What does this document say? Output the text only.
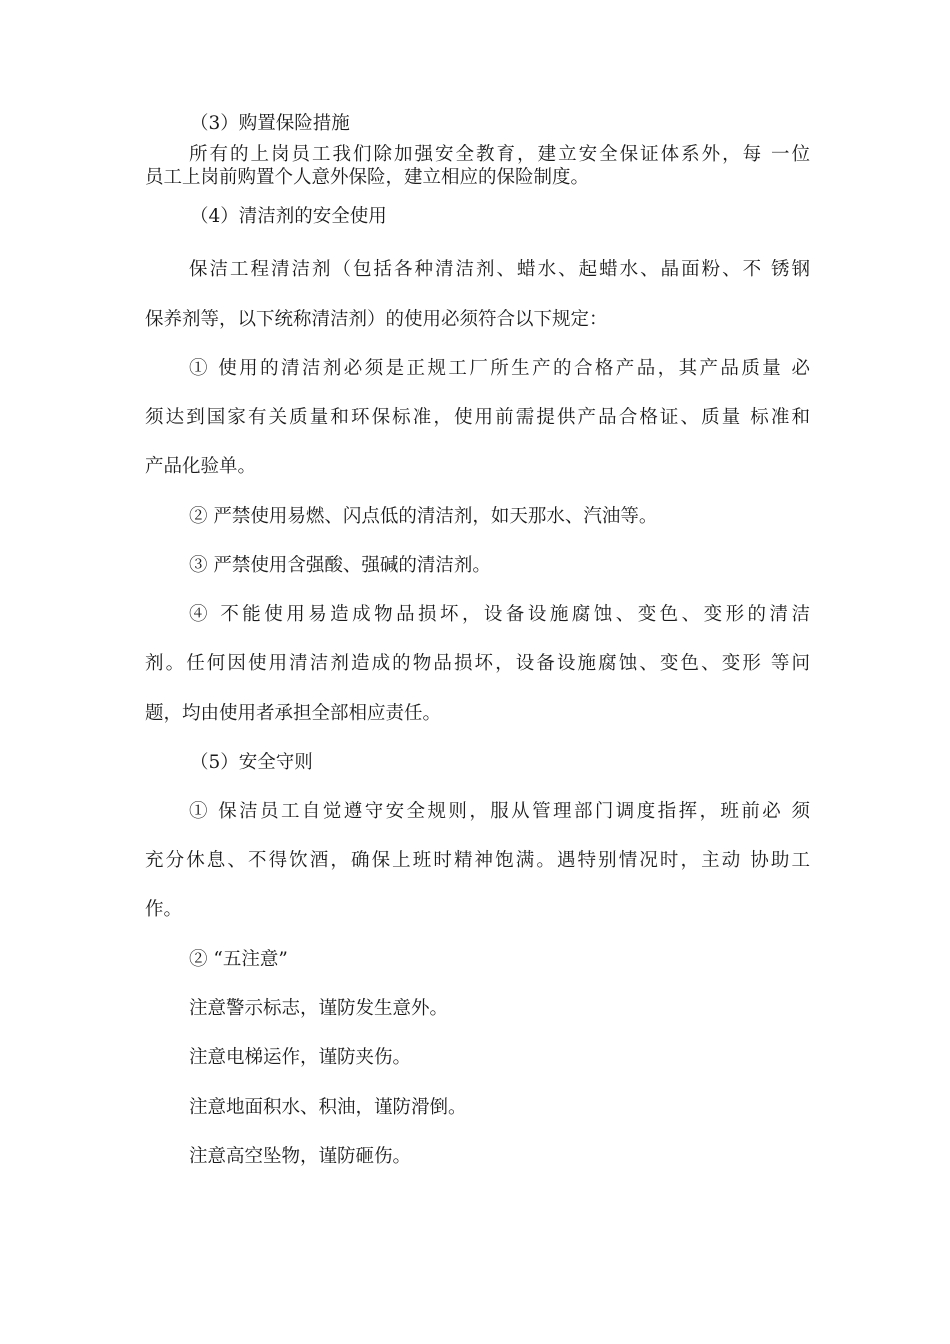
（3）购置保险措施
所有的上岗员工我们除加强安全教育，建立安全保证体系外，每 一位
员工上岗前购置个人意外保险，建立相应的保险制度。
（4）清洁剂的安全使用
保洁工程清洁剂（包括各种清洁剂、蜡水、起蜡水、晶面粉、不 锈钢
保养剂等，以下统称清洁剂）的使用必须符合以下规定：
① 使用的清洁剂必须是正规工厂所生产的合格产品，其产品质量 必
须达到国家有关质量和环保标准，使用前需提供产品合格证、质量 标准和
产品化验单。
② 严禁使用易燃、闪点低的清洁剂，如天那水、汽油等。
③ 严禁使用含强酸、强碱的清洁剂。
④ 不能使用易造成物品损坏，设备设施腐蚀、变色、变形的清洁
剂。任何因使用清洁剂造成的物品损坏，设备设施腐蚀、变色、变形 等问
题，均由使用者承担全部相应责任。
（5）安全守则
① 保洁员工自觉遵守安全规则，服从管理部门调度指挥，班前必 须
充分休息、不得饮酒，确保上班时精神饱满。遇特别情况时，主动 协助工
作。
② “五注意”
注意警示标志，谨防发生意外。
注意电梯运作，谨防夹伤。
注意地面积水、积油，谨防滑倒。
注意高空坠物，谨防砸伤。
